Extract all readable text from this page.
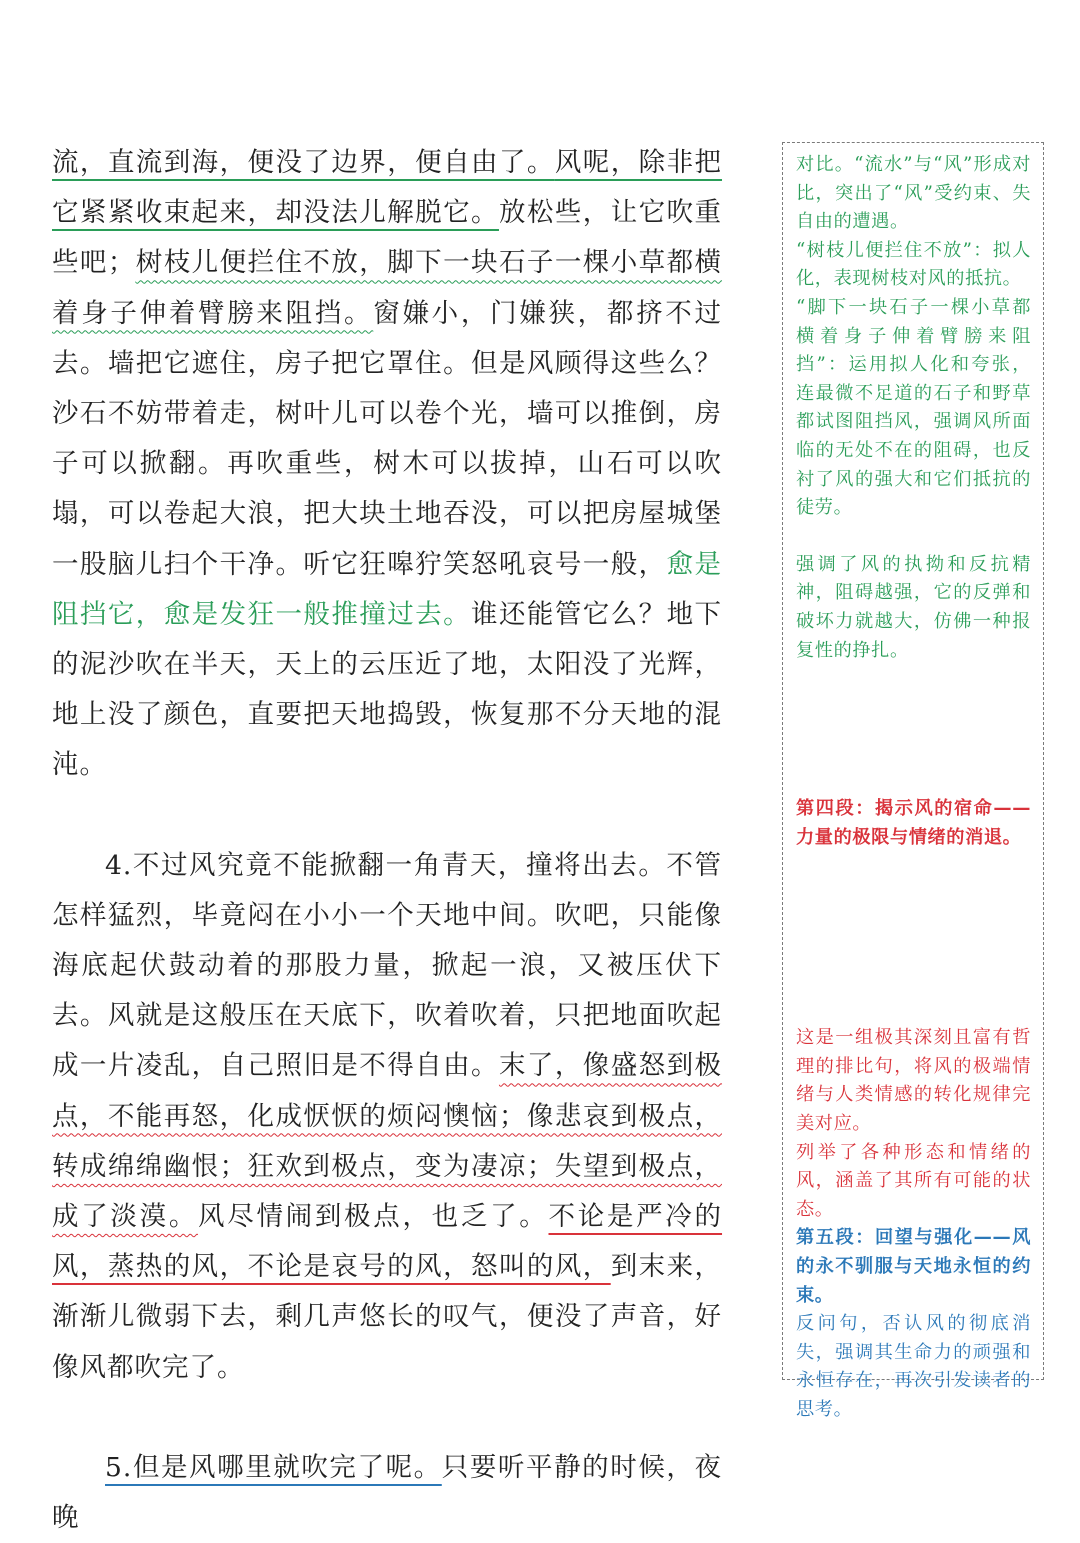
流，直流到海，便没了边界，便自由了。风呢，除非把它紧紧收束起来，却没法儿解脱它。放松些，让它吹重些吧；树枝儿便拦住不放，脚下一块石子一棵小草都横着身子伸着臂膀来阻挡。窗嫌小，门嫌狭，都挤不过去。墙把它遮住，房子把它罩住。但是风顾得这些么？沙石不妨带着走，树叶儿可以卷个光，墙可以推倒，房子可以掀翻。再吹重些，树木可以拔掉，山石可以吹塌，可以卷起大浪，把大块土地吞没，可以把房屋城堡一股脑儿扫个干净。听它狂嗥狞笑怒吼哀号一般，愈是阻挡它，愈是发狂一般推撞过去。谁还能管它么？地下的泥沙吹在半天，天上的云压近了地，太阳没了光辉，地上没了颜色，直要把天地捣毁，恢复那不分天地的混沌。

4.不过风究竟不能掀翻一角青天，撞将出去。不管怎样猛烈，毕竟闷在小小一个天地中间。吹吧，只能像海底起伏鼓动着的那股力量，掀起一浪，又被压伏下去。风就是这般压在天底下，吹着吹着，只把地面吹起成一片凌乱，自己照旧是不得自由。末了，像盛怒到极点，不能再怒，化成恹恹的烦闷懊恼；像悲哀到极点，转成绵绵幽恨；狂欢到极点，变为凄凉；失望到极点，成了淡漠。风尽情闹到极点，也乏了。不论是严冷的风，蒸热的风，不论是哀号的风，怒叫的风，到末来，渐渐儿微弱下去，剩几声悠长的叹气，便没了声音，好像风都吹完了。

5.但是风哪里就吹完了呢。只要听平静的时候，夜晚

对比。“流水”与“风”形成对比，突出了“风”受约束、失自由的遭遇。

“树枝儿便拦住不放”：拟人化，表现树枝对风的抵抗。

“脚下一块石子一棵小草都横着身子伸着臂膀来阻挡”：运用拟人化和夸张，连最微不足道的石子和野草都试图阻挡风，强调风所面临的无处不在的阻碍，也反衬了风的强大和它们抵抗的徒劳。

强调了风的执拗和反抗精神，阻碍越强，它的反弹和破坏力就越大，仿佛一种报复性的挣扎。

第四段：揭示风的宿命——力量的极限与情绪的消退。

这是一组极其深刻且富有哲理的排比句，将风的极端情绪与人类情感的转化规律完美对应。

列举了各种形态和情绪的风，涵盖了其所有可能的状态。

第五段：回望与强化——风的永不驯服与天地永恒的约束。

反问句，否认风的彻底消失，强调其生命力的顽强和永恒存在，再次引发读者的思考。
